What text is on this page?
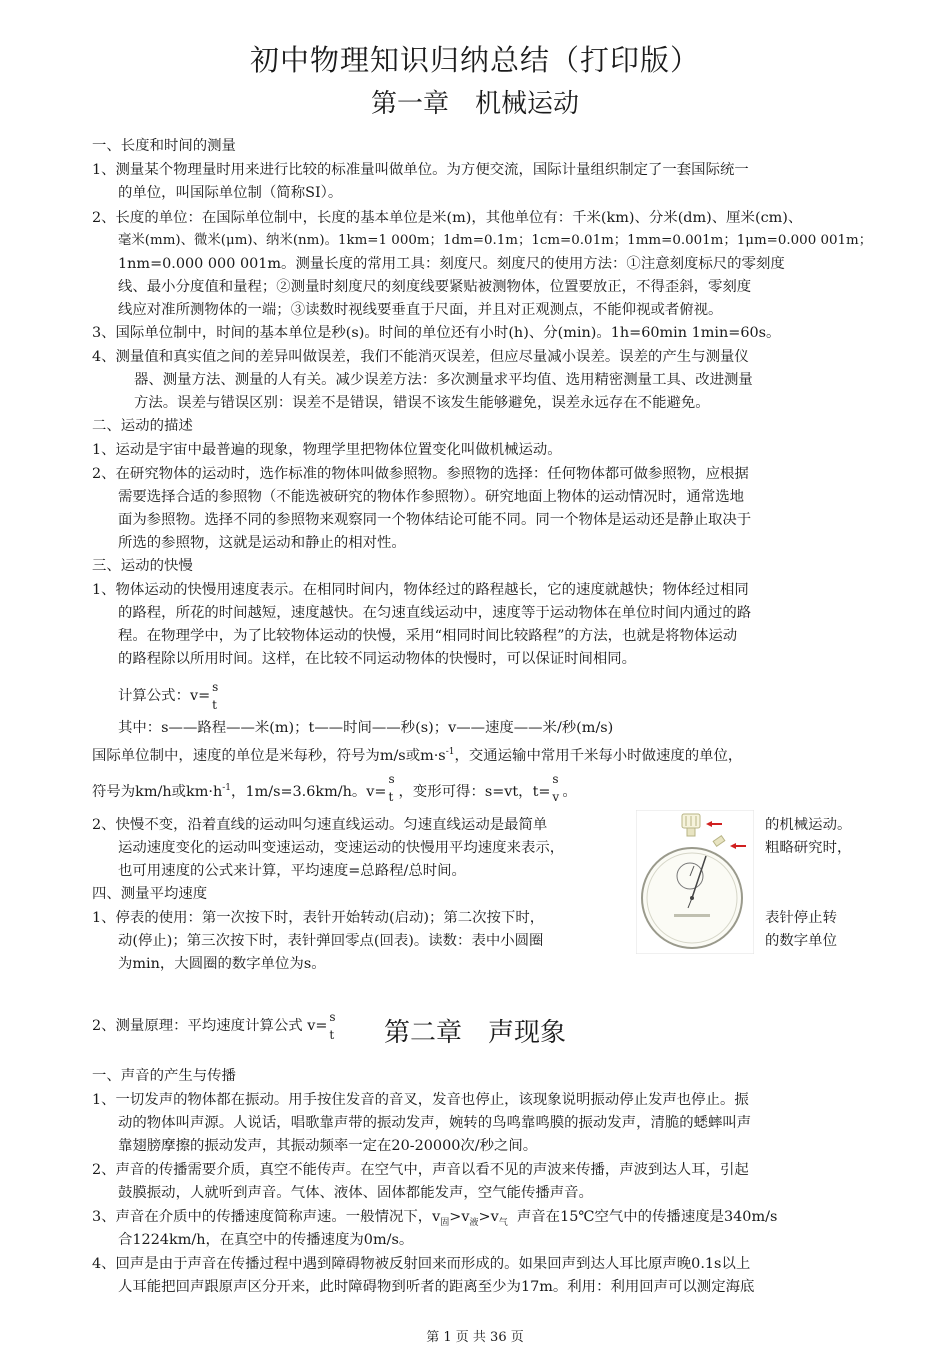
初中物理知识归纳总结（打印版）
第一章　机械运动
一、长度和时间的测量
1、测量某个物理量时用来进行比较的标准量叫做单位。为方便交流，国际计量组织制定了一套国际统一
的单位，叫国际单位制（简称SI）。
2、长度的单位：在国际单位制中，长度的基本单位是米(m)，其他单位有：千米(km)、分米(dm)、厘米(cm)、
毫米(mm)、微米(μm)、纳米(nm)。1km=1 000m；1dm=0.1m；1cm=0.01m；1mm=0.001m；1μm=0.000 001m；
1nm=0.000 000 001m。测量长度的常用工具：刻度尺。刻度尺的使用方法：①注意刻度标尺的零刻度
线、最小分度值和量程；②测量时刻度尺的刻度线要紧贴被测物体，位置要放正，不得歪斜，零刻度
线应对准所测物体的一端；③读数时视线要垂直于尺面，并且对正观测点，不能仰视或者俯视。
3、国际单位制中，时间的基本单位是秒(s)。时间的单位还有小时(h)、分(min)。1h=60min 1min=60s。
4、测量值和真实值之间的差异叫做误差，我们不能消灭误差，但应尽量减小误差。误差的产生与测量仪
器、测量方法、测量的人有关。减少误差方法：多次测量求平均值、选用精密测量工具、改进测量
方法。误差与错误区别：误差不是错误，错误不该发生能够避免，误差永远存在不能避免。
二、运动的描述
1、运动是宇宙中最普遍的现象，物理学里把物体位置变化叫做机械运动。
2、在研究物体的运动时，选作标准的物体叫做参照物。参照物的选择：任何物体都可做参照物，应根据
需要选择合适的参照物（不能选被研究的物体作参照物）。研究地面上物体的运动情况时，通常选地
面为参照物。选择不同的参照物来观察同一个物体结论可能不同。同一个物体是运动还是静止取决于
所选的参照物，这就是运动和静止的相对性。
三、运动的快慢
1、物体运动的快慢用速度表示。在相同时间内，物体经过的路程越长，它的速度就越快；物体经过相同
的路程，所花的时间越短，速度越快。在匀速直线运动中，速度等于运动物体在单位时间内通过的路
程。在物理学中，为了比较物体运动的快慢，采用“相同时间比较路程”的方法，也就是将物体运动
的路程除以所用时间。这样，在比较不同运动物体的快慢时，可以保证时间相同。
计算公式：v=
s
t
其中：s——路程——米(m)；t——时间——秒(s)；v——速度——米/秒(m/s)
国际单位制中，速度的单位是米每秒，符号为m/s或$m\cdot s^{-1}$，交通运输中常用千米每小时做速度的单位，
符号为km/h或$km\cdot h^{-1}$，1m/s=3.6km/h。v=
s
t ，变形可得：s=vt，t=
s
v 。
2、快慢不变，沿着直线的运动叫匀速直线运动。匀速直线运动是最简单	的机械运动。
运动速度变化的运动叫变速运动，变速运动的快慢用平均速度来表示，	粗略研究时，
也可用速度的公式来计算，平均速度=总路程/总时间。
四、测量平均速度
1、停表的使用：第一次按下时，表针开始转动(启动)；第二次按下时，	表针停止转
动(停止)；第三次按下时，表针弹回零点(回表)。读数：表中小圆圈	的数字单位
为min，大圆圈的数字单位为s。
2、测量原理：平均速度计算公式 v=
s
t	第二章　声现象
一、声音的产生与传播
1、一切发声的物体都在振动。用手按住发音的音叉，发音也停止，该现象说明振动停止发声也停止。振
动的物体叫声源。人说话，唱歌靠声带的振动发声，婉转的鸟鸣靠鸣膜的振动发声，清脆的蟋蟀叫声
靠翅膀摩擦的振动发声，其振动频率一定在20-20000次/秒之间。
2、声音的传播需要介质，真空不能传声。在空气中，声音以看不见的声波来传播，声波到达人耳，引起
鼓膜振动，人就听到声音。气体、液体、固体都能发声，空气能传播声音。
3、声音在介质中的传播速度简称声速。一般情况下，$v_固>v_液>v_气$ 声音在15℃空气中的传播速度是340m/s
合1224km/h，在真空中的传播速度为0m/s。
4、回声是由于声音在传播过程中遇到障碍物被反射回来而形成的。如果回声到达人耳比原声晚0.1s以上
人耳能把回声跟原声区分开来，此时障碍物到听者的距离至少为17m。利用：利用回声可以测定海底
第 1 页 共 36 页
